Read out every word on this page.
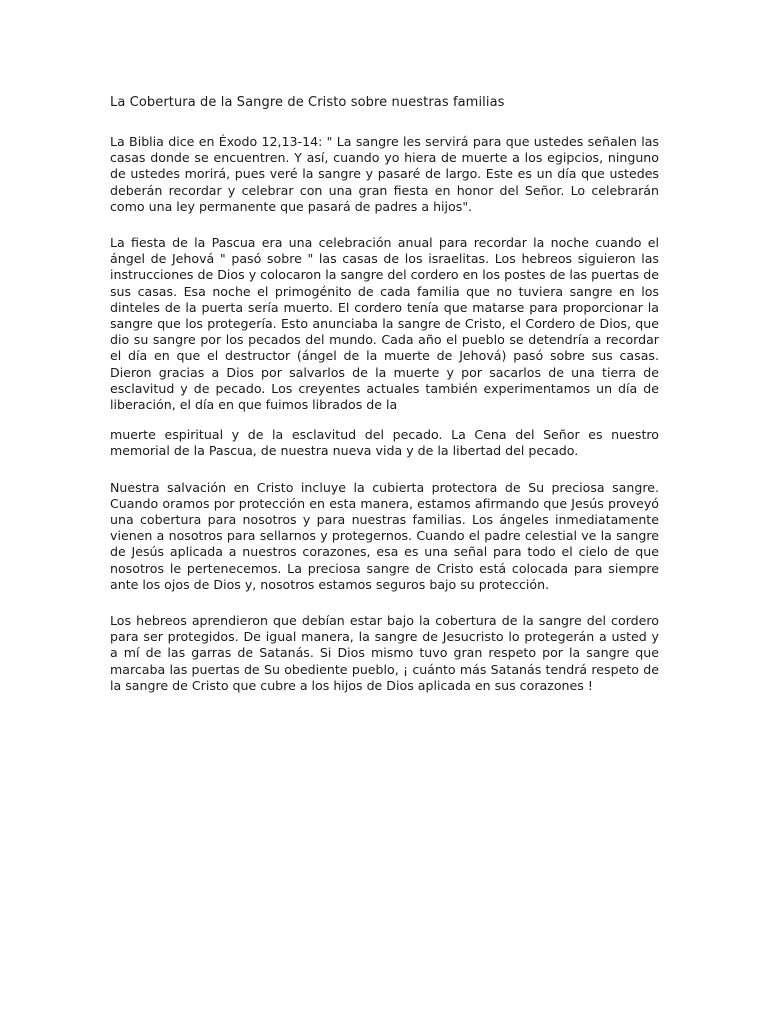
La Cobertura de la Sangre de Cristo sobre nuestras familias

La Biblia dice en Éxodo 12,13-14: " La sangre les servirá para que ustedes señalen las casas donde se encuentren. Y así, cuando yo hiera de muerte a los egipcios, ninguno de ustedes morirá, pues veré la sangre y pasaré de largo. Este es un día que ustedes deberán recordar y celebrar con una gran fiesta en honor del Señor. Lo celebrarán como una ley permanente que pasará de padres a hijos".

La fiesta de la Pascua era una celebración anual para recordar la noche cuando el ángel de Jehová " pasó sobre " las casas de los israelitas. Los hebreos siguieron las instrucciones de Dios y colocaron la sangre del cordero en los postes de las puertas de sus casas. Esa noche el primogénito de cada familia que no tuviera sangre en los dinteles de la puerta sería muerto. El cordero tenía que matarse para proporcionar la sangre que los protegería. Esto anunciaba la sangre de Cristo, el Cordero de Dios, que dio su sangre por los pecados del mundo. Cada año el pueblo se detendría a recordar el día en que el destructor (ángel de la muerte de Jehová) pasó sobre sus casas. Dieron gracias a Dios por salvarlos de la muerte y por sacarlos de una tierra de esclavitud y de pecado. Los creyentes actuales también experimentamos un día de liberación, el día en que fuimos librados de la

muerte espiritual y de la esclavitud del pecado. La Cena del Señor es nuestro memorial de la Pascua, de nuestra nueva vida y de la libertad del pecado.

Nuestra salvación en Cristo incluye la cubierta protectora de Su preciosa sangre. Cuando oramos por protección en esta manera, estamos afirmando que Jesús proveyó una cobertura para nosotros y para nuestras familias. Los ángeles inmediatamente vienen a nosotros para sellarnos y protegernos. Cuando el padre celestial ve la sangre de Jesús aplicada a nuestros corazones, esa es una señal para todo el cielo de que nosotros le pertenecemos. La preciosa sangre de Cristo está colocada para siempre ante los ojos de Dios y, nosotros estamos seguros bajo su protección.

Los hebreos aprendieron que debían estar bajo la cobertura de la sangre del cordero para ser protegidos. De igual manera, la sangre de Jesucristo lo protegerán a usted y a mí de las garras de Satanás. Si Dios mismo tuvo gran respeto por la sangre que marcaba las puertas de Su obediente pueblo, ¡ cuánto más Satanás tendrá respeto de la sangre de Cristo que cubre a los hijos de Dios aplicada en sus corazones !
